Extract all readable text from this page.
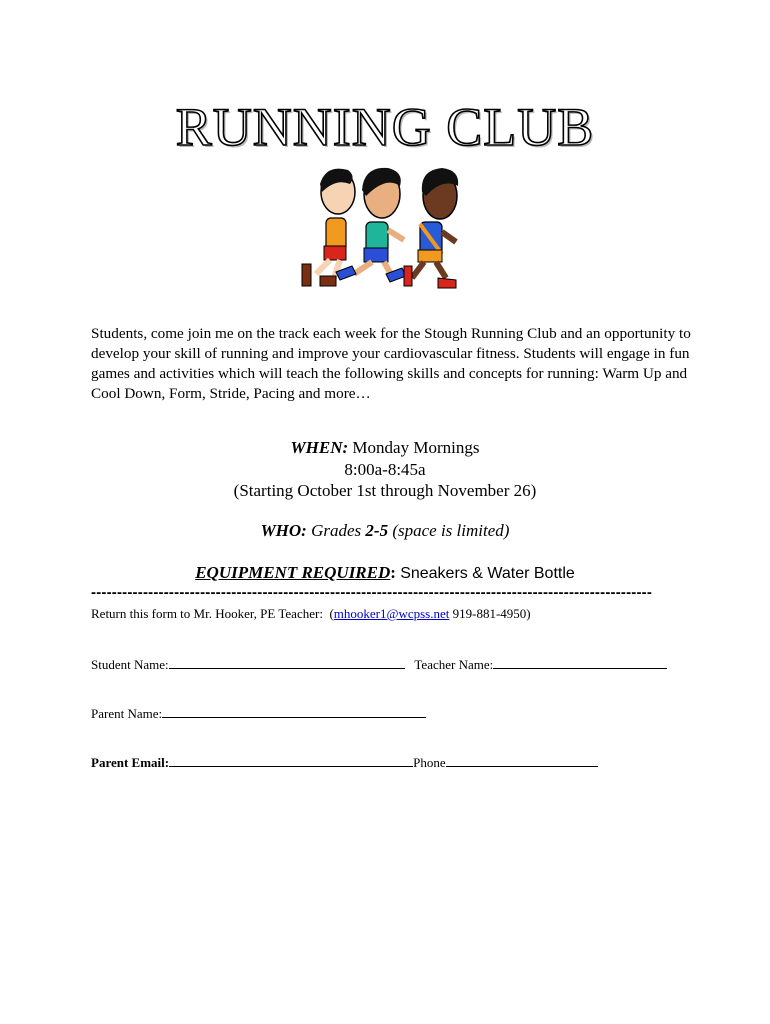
RUNNING CLUB
Students, come join me on the track each week for the Stough Running Club and an opportunity to develop your skill of running and improve your cardiovascular fitness. Students will engage in fun games and activities which will teach the following skills and concepts for running: Warm Up and Cool Down, Form, Stride, Pacing and more…
WHEN: Monday Mornings
8:00a-8:45a
(Starting October 1st through November 26)
WHO: Grades 2-5 (space is limited)
EQUIPMENT REQUIRED: Sneakers & Water Bottle
------------------------------------------------------------------------------------------------------------
Return this form to Mr. Hooker, PE Teacher: (mhooker1@wcpss.net 919-881-4950)
Student Name:	Teacher Name:
Parent Name:
Parent Email:	Phone
